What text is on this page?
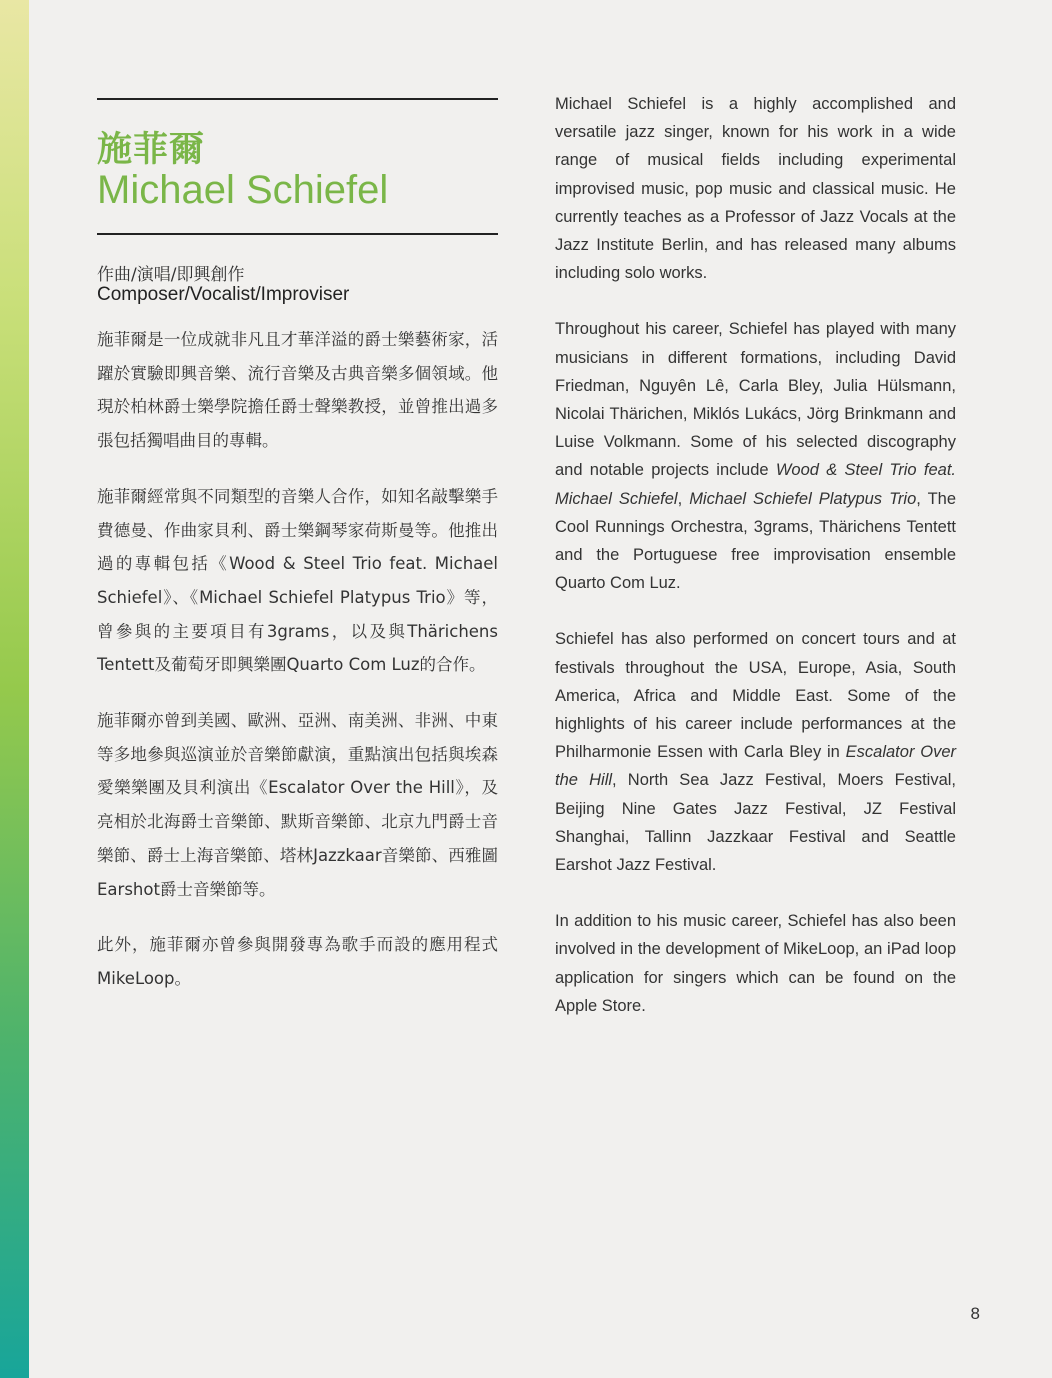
施菲爾
Michael Schiefel
作曲/演唱/即興創作
Composer/Vocalist/Improviser

施菲爾是一位成就非凡且才華洋溢的爵士樂藝術家，活躍於實驗即興音樂、流行音樂及古典音樂多個領域。他現於柏林爵士樂學院擔任爵士聲樂教授，並曾推出過多張包括獨唱曲目的專輯。

施菲爾經常與不同類型的音樂人合作，如知名敲擊樂手費德曼、作曲家貝利、爵士樂鋼琴家荷斯曼等。他推出過的專輯包括《Wood & Steel Trio feat. Michael Schiefel》、《Michael Schiefel Platypus Trio》等，曾參與的主要項目有3grams，以及與Thärichens Tentett及葡萄牙即興樂團Quarto Com Luz的合作。

施菲爾亦曾到美國、歐洲、亞洲、南美洲、非洲、中東等多地參與巡演並於音樂節獻演，重點演出包括與埃森愛樂樂團及貝利演出《Escalator Over the Hill》，及亮相於北海爵士音樂節、默斯音樂節、北京九門爵士音樂節、爵士上海音樂節、塔林Jazzkaar音樂節、西雅圖Earshot爵士音樂節等。

此外，施菲爾亦曾參與開發專為歌手而設的應用程式MikeLoop。

Michael Schiefel is a highly accomplished and versatile jazz singer, known for his work in a wide range of musical fields including experimental improvised music, pop music and classical music. He currently teaches as a Professor of Jazz Vocals at the Jazz Institute Berlin, and has released many albums including solo works.

Throughout his career, Schiefel has played with many musicians in different formations, including David Friedman, Nguyên Lê, Carla Bley, Julia Hülsmann, Nicolai Thärichen, Miklós Lukács, Jörg Brinkmann and Luise Volkmann. Some of his selected discography and notable projects include Wood & Steel Trio feat. Michael Schiefel, Michael Schiefel Platypus Trio, The Cool Runnings Orchestra, 3grams, Thärichens Tentett and the Portuguese free improvisation ensemble Quarto Com Luz.

Schiefel has also performed on concert tours and at festivals throughout the USA, Europe, Asia, South America, Africa and Middle East. Some of the highlights of his career include performances at the Philharmonie Essen with Carla Bley in Escalator Over the Hill, North Sea Jazz Festival, Moers Festival, Beijing Nine Gates Jazz Festival, JZ Festival Shanghai, Tallinn Jazzkaar Festival and Seattle Earshot Jazz Festival.

In addition to his music career, Schiefel has also been involved in the development of MikeLoop, an iPad loop application for singers which can be found on the Apple Store.

8
